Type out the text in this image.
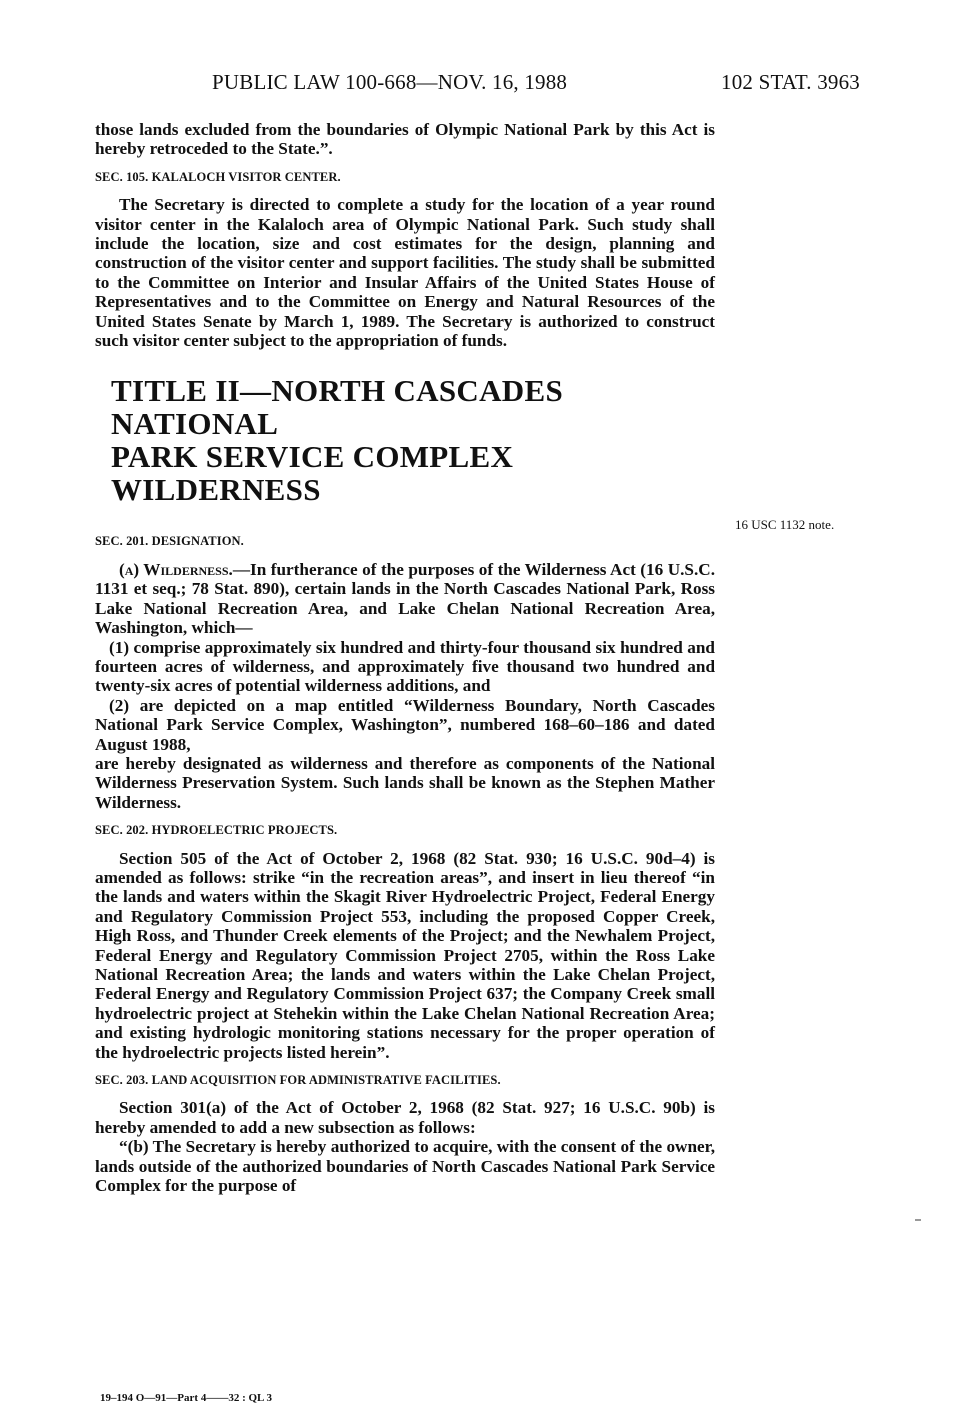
PUBLIC LAW 100-668—NOV. 16, 1988	102 STAT. 3963

those lands excluded from the boundaries of Olympic National Park by this Act is hereby retroceded to the State.”.

SEC. 105. KALALOCH VISITOR CENTER.

The Secretary is directed to complete a study for the location of a year round visitor center in the Kalaloch area of Olympic National Park. Such study shall include the location, size and cost estimates for the design, planning and construction of the visitor center and support facilities. The study shall be submitted to the Committee on Interior and Insular Affairs of the United States House of Representatives and to the Committee on Energy and Natural Resources of the United States Senate by March 1, 1989. The Secretary is authorized to construct such visitor center subject to the appropriation of funds.

TITLE II—NORTH CASCADES NATIONAL
PARK SERVICE COMPLEX WILDERNESS
SEC. 201. DESIGNATION.

(a) Wilderness.—In furtherance of the purposes of the Wilderness Act (16 U.S.C. 1131 et seq.; 78 Stat. 890), certain lands in the North Cascades National Park, Ross Lake National Recreation Area, and Lake Chelan National Recreation Area, Washington, which—

(1) comprise approximately six hundred and thirty-four thousand six hundred and fourteen acres of wilderness, and approximately five thousand two hundred and twenty-six acres of potential wilderness additions, and

(2) are depicted on a map entitled “Wilderness Boundary, North Cascades National Park Service Complex, Washington”, numbered 168–60–186 and dated August 1988,

are hereby designated as wilderness and therefore as components of the National Wilderness Preservation System. Such lands shall be known as the Stephen Mather Wilderness.

SEC. 202. HYDROELECTRIC PROJECTS.

Section 505 of the Act of October 2, 1968 (82 Stat. 930; 16 U.S.C. 90d–4) is amended as follows: strike “in the recreation areas”, and insert in lieu thereof “in the lands and waters within the Skagit River Hydroelectric Project, Federal Energy and Regulatory Commission Project 553, including the proposed Copper Creek, High Ross, and Thunder Creek elements of the Project; and the Newhalem Project, Federal Energy and Regulatory Commission Project 2705, within the Ross Lake National Recreation Area; the lands and waters within the Lake Chelan Project, Federal Energy and Regulatory Commission Project 637; the Company Creek small hydroelectric project at Stehekin within the Lake Chelan National Recreation Area; and existing hydrologic monitoring stations necessary for the proper operation of the hydroelectric projects listed herein”.

SEC. 203. LAND ACQUISITION FOR ADMINISTRATIVE FACILITIES.

Section 301(a) of the Act of October 2, 1968 (82 Stat. 927; 16 U.S.C. 90b) is hereby amended to add a new subsection as follows:

“(b) The Secretary is hereby authorized to acquire, with the consent of the owner, lands outside of the authorized boundaries of North Cascades National Park Service Complex for the purpose of

16 USC 1132 note.
19–194 O—91—Part 4——32 : QL 3
